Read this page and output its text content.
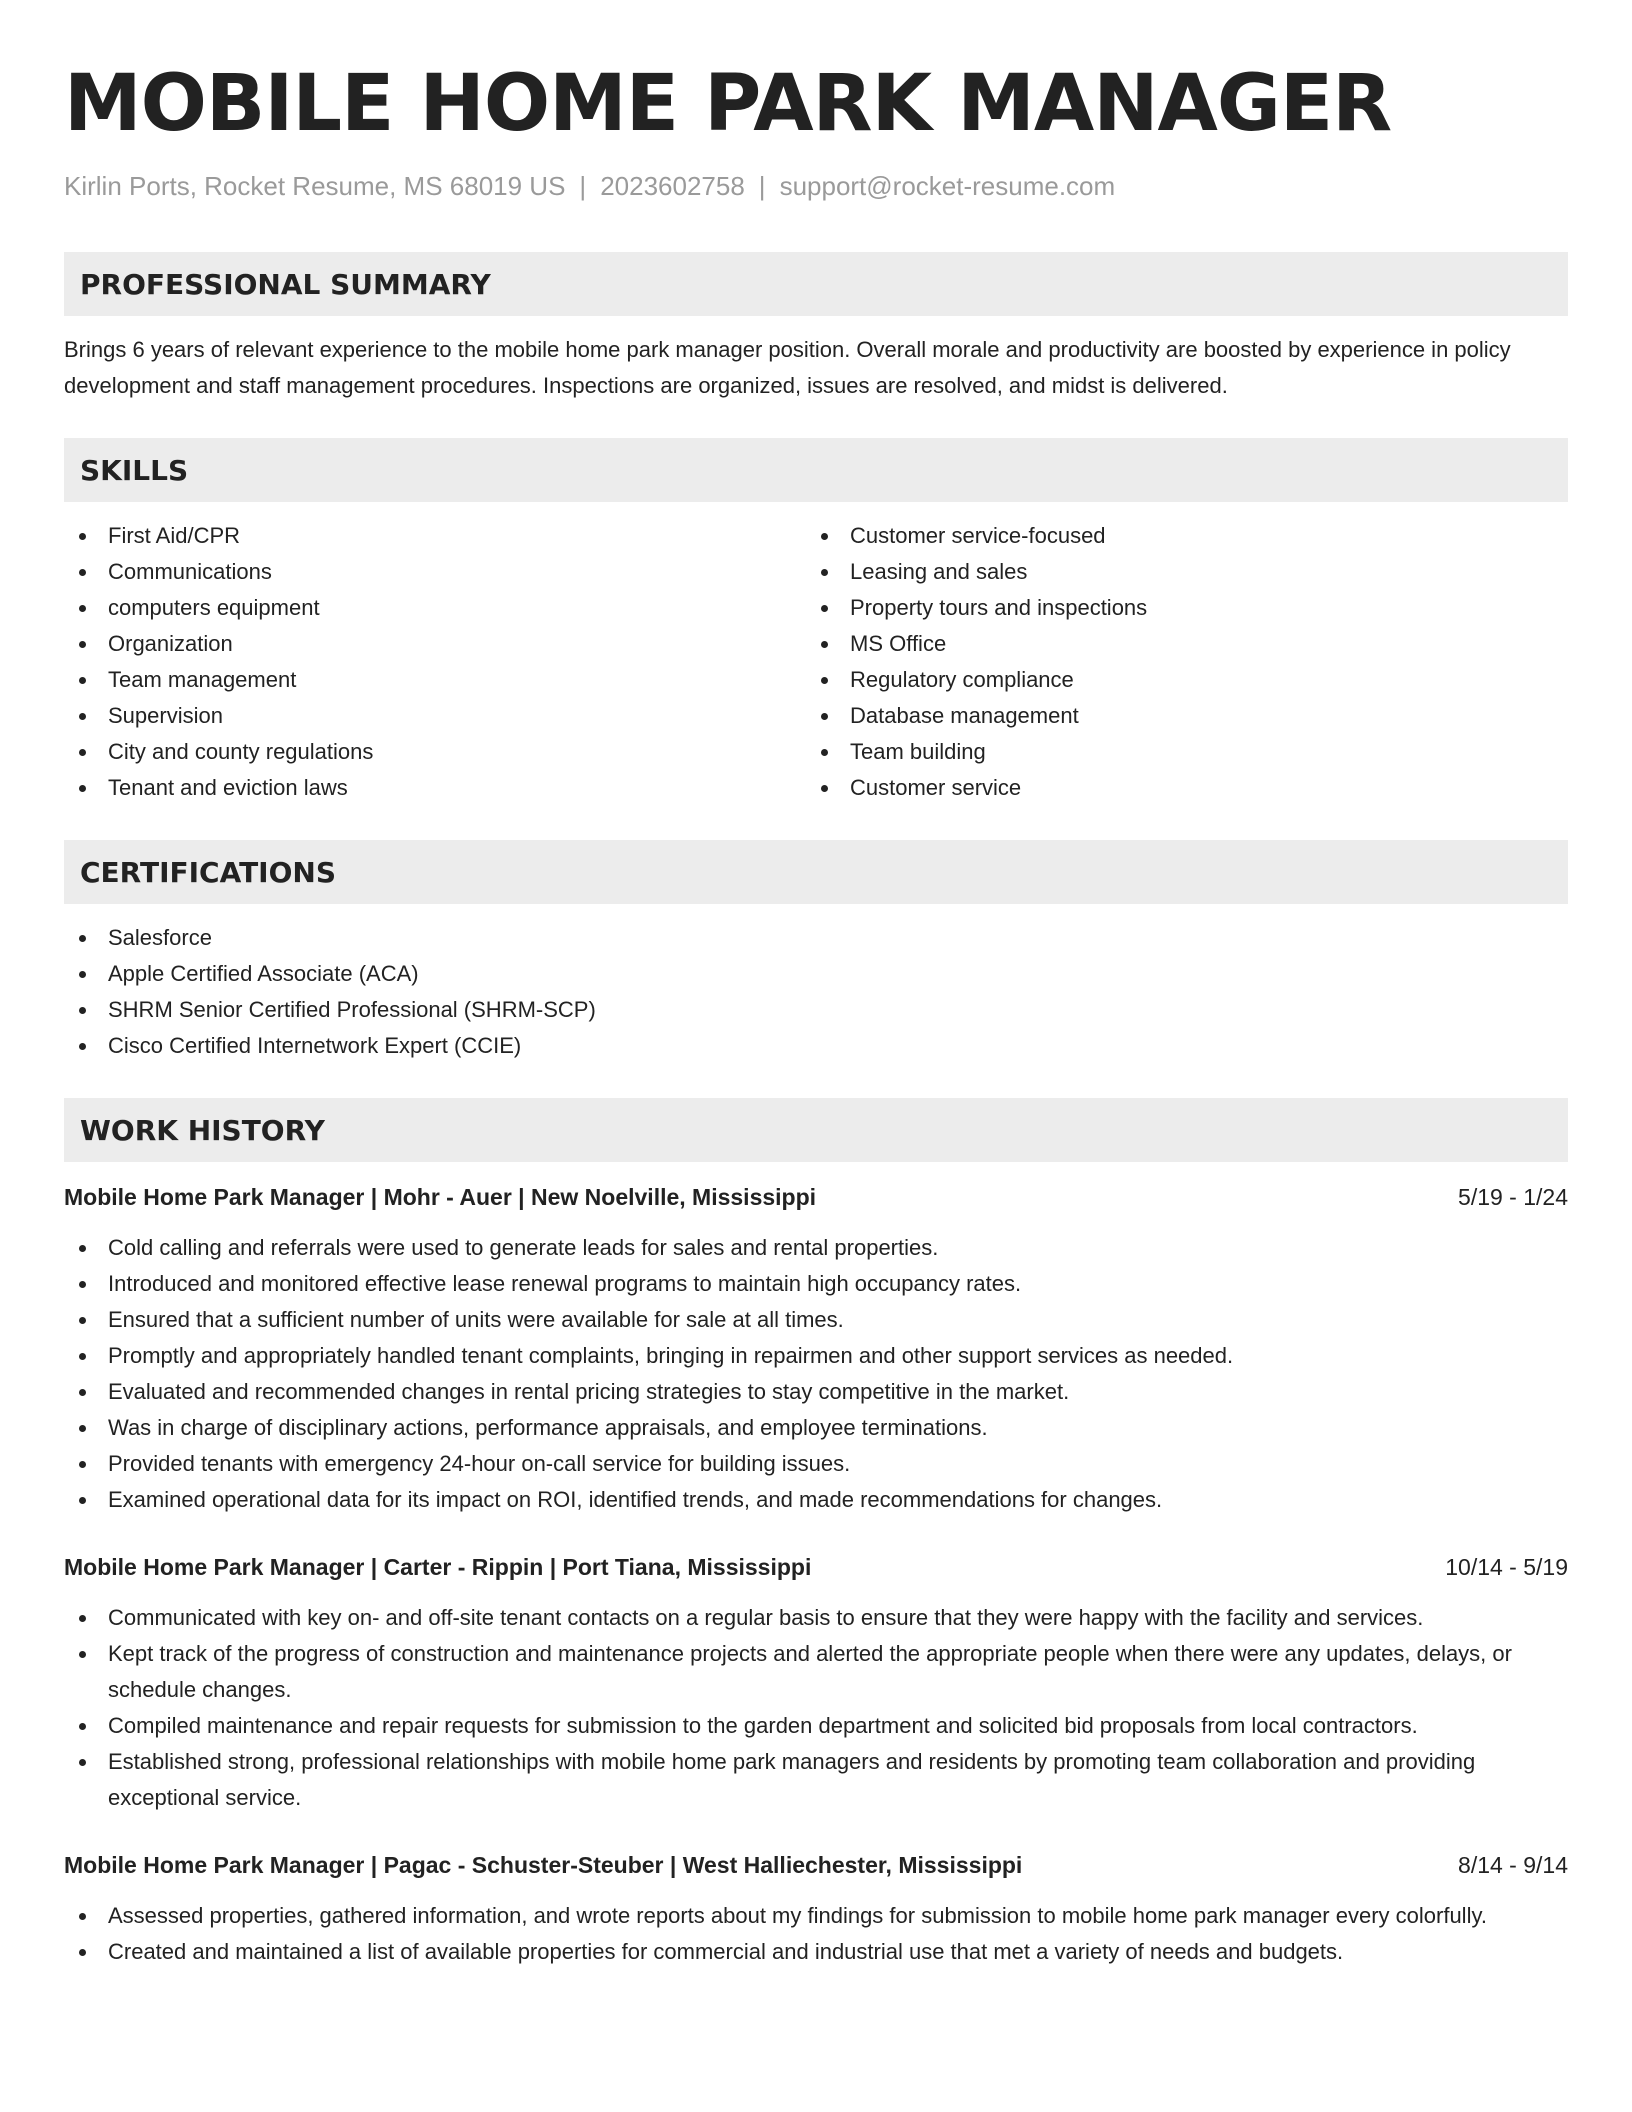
MOBILE HOME PARK MANAGER
Kirlin Ports, Rocket Resume, MS 68019 US | 2023602758 | support@rocket-resume.com
PROFESSIONAL SUMMARY

Brings 6 years of relevant experience to the mobile home park manager position. Overall morale and productivity are boosted by experience in policy development and staff management procedures. Inspections are organized, issues are resolved, and midst is delivered.

SKILLS
First Aid/CPR
Communications
computers equipment
Organization
Team management
Supervision
City and county regulations
Tenant and eviction laws
Customer service-focused
Leasing and sales
Property tours and inspections
MS Office
Regulatory compliance
Database management
Team building
Customer service
CERTIFICATIONS
Salesforce
Apple Certified Associate (ACA)
SHRM Senior Certified Professional (SHRM-SCP)
Cisco Certified Internetwork Expert (CCIE)
WORK HISTORY
Mobile Home Park Manager | Mohr - Auer | New Noelville, Mississippi	5/19 - 1/24
Cold calling and referrals were used to generate leads for sales and rental properties.
Introduced and monitored effective lease renewal programs to maintain high occupancy rates.
Ensured that a sufficient number of units were available for sale at all times.
Promptly and appropriately handled tenant complaints, bringing in repairmen and other support services as needed.
Evaluated and recommended changes in rental pricing strategies to stay competitive in the market.
Was in charge of disciplinary actions, performance appraisals, and employee terminations.
Provided tenants with emergency 24-hour on-call service for building issues.
Examined operational data for its impact on ROI, identified trends, and made recommendations for changes.
Mobile Home Park Manager | Carter - Rippin | Port Tiana, Mississippi	10/14 - 5/19
Communicated with key on- and off-site tenant contacts on a regular basis to ensure that they were happy with the facility and services.
Kept track of the progress of construction and maintenance projects and alerted the appropriate people when there were any updates, delays, or schedule changes.
Compiled maintenance and repair requests for submission to the garden department and solicited bid proposals from local contractors.
Established strong, professional relationships with mobile home park managers and residents by promoting team collaboration and providing exceptional service.
Mobile Home Park Manager | Pagac - Schuster-Steuber | West Halliechester, Mississippi	8/14 - 9/14
Assessed properties, gathered information, and wrote reports about my findings for submission to mobile home park manager every colorfully.
Created and maintained a list of available properties for commercial and industrial use that met a variety of needs and budgets.
